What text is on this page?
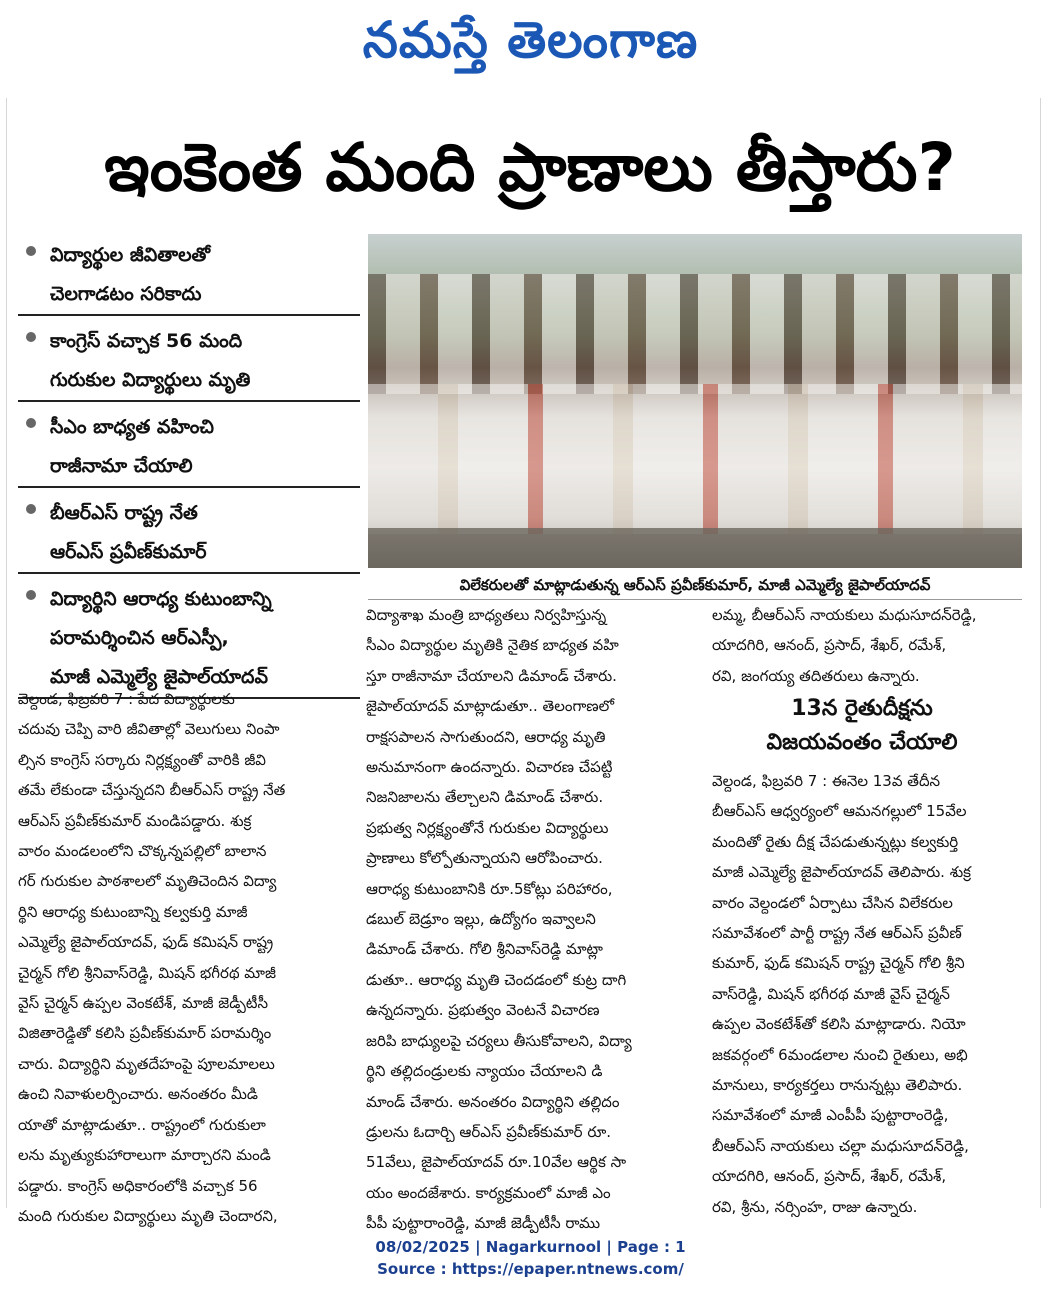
నమస్తే తెలంగాణ
ఇంకెంత మంది ప్రాణాలు తీస్తారు?
విద్యార్థుల జీవితాలతో
చెలగాడటం సరికాదు
కాంగ్రెస్ వచ్చాక 56 మంది
గురుకుల విద్యార్థులు మృతి
సీఎం బాధ్యత వహించి
రాజీనామా చేయాలి
బీఆర్ఎస్ రాష్ట్ర నేత
ఆర్ఎస్ ప్రవీణ్‌కుమార్
విద్యార్థిని ఆరాధ్య కుటుంబాన్ని
పరామర్శించిన ఆర్ఎస్పీ,
మాజీ ఎమ్మెల్యే జైపాల్‌యాదవ్
విలేకరులతో మాట్లాడుతున్న ఆర్ఎస్ ప్రవీణ్‌కుమార్, మాజీ ఎమ్మెల్యే జైపాల్‌యాదవ్

వెల్దండ, ఫిబ్రవరి 7 : పేద విద్యార్థులకు

చదువు చెప్పి వారి జీవితాల్లో వెలుగులు నింపా

ల్సిన కాంగ్రెస్ సర్కారు నిర్లక్ష్యంతో వారికి జీవి

తమే లేకుండా చేస్తున్నదని బీఆర్ఎస్ రాష్ట్ర నేత

ఆర్ఎస్ ప్రవీణ్‌కుమార్ మండిపడ్డారు. శుక్ర

వారం మండలంలోని చొక్కన్నపల్లిలో బాలాన

గర్ గురుకుల పాఠశాలలో మృతిచెందిన విద్యా

ర్థిని ఆరాధ్య కుటుంబాన్ని కల్వకుర్తి మాజీ

ఎమ్మెల్యే జైపాల్‌యాదవ్, ఫుడ్ కమిషన్ రాష్ట్ర

చైర్మన్ గోలి శ్రీనివాస్‌రెడ్డి, మిషన్ భగీరథ మాజీ

వైస్ చైర్మన్ ఉప్పల వెంకటేశ్, మాజీ జెడ్పీటీసీ

విజితారెడ్డితో కలిసి ప్రవీణ్‌కుమార్ పరామర్శిం

చారు. విద్యార్థిని మృతదేహంపై పూలమాలలు

ఉంచి నివాళులర్పించారు. అనంతరం మీడి

యాతో మాట్లాడుతూ.. రాష్ట్రంలో గురుకులా

లను మృత్యుకుహారాలుగా మార్చారని మండి

పడ్డారు. కాంగ్రెస్ అధికారంలోకి వచ్చాక 56

మంది గురుకుల విద్యార్థులు మృతి చెందారని,

విద్యాశాఖ మంత్రి బాధ్యతలు నిర్వహిస్తున్న

సీఎం విద్యార్థుల మృతికి నైతిక బాధ్యత వహి

స్తూ రాజీనామా చేయాలని డిమాండ్ చేశారు.

జైపాల్‌యాదవ్ మాట్లాడుతూ.. తెలంగాణలో

రాక్షసపాలన సాగుతుందని, ఆరాధ్య మృతి

అనుమానంగా ఉందన్నారు. విచారణ చేపట్టి

నిజనిజాలను తేల్చాలని డిమాండ్ చేశారు.

ప్రభుత్వ నిర్లక్ష్యంతోనే గురుకుల విద్యార్థులు

ప్రాణాలు కోల్పోతున్నాయని ఆరోపించారు.

ఆరాధ్య కుటుంబానికి రూ.5కోట్లు పరిహారం,

డబుల్ బెడ్రూం ఇల్లు, ఉద్యోగం ఇవ్వాలని

డిమాండ్ చేశారు. గోలి శ్రీనివాస్‌రెడ్డి మాట్లా

డుతూ.. ఆరాధ్య మృతి చెందడంలో కుట్ర దాగి

ఉన్నదన్నారు. ప్రభుత్వం వెంటనే విచారణ

జరిపి బాధ్యులపై చర్యలు తీసుకోవాలని, విద్యా

ర్థిని తల్లిదండ్రులకు న్యాయం చేయాలని డి

మాండ్ చేశారు. అనంతరం విద్యార్థిని తల్లిదం

డ్రులను ఓదార్చి ఆర్ఎస్ ప్రవీణ్‌కుమార్ రూ.

51వేలు, జైపాల్‌యాదవ్ రూ.10వేల ఆర్థిక సా

యం అందజేశారు. కార్యక్రమంలో మాజీ ఎం

పీపీ పుట్టారాంరెడ్డి, మాజీ జెడ్పీటీసీ రాము

లమ్మ, బీఆర్ఎస్ నాయకులు మధుసూదన్‌రెడ్డి,

యాదగిరి, ఆనంద్, ప్రసాద్, శేఖర్, రమేశ్,

రవి, జంగయ్య తదితరులు ఉన్నారు.

13న రైతుదీక్షను
విజయవంతం చేయాలి

వెల్దండ, ఫిబ్రవరి 7 : ఈనెల 13వ తేదీన

బీఆర్ఎస్ ఆధ్వర్యంలో ఆమనగల్లులో 15వేల

మందితో రైతు దీక్ష చేపడుతున్నట్లు కల్వకుర్తి

మాజీ ఎమ్మెల్యే జైపాల్‌యాదవ్ తెలిపారు. శుక్ర

వారం వెల్దండలో ఏర్పాటు చేసిన విలేకరుల

సమావేశంలో పార్టీ రాష్ట్ర నేత ఆర్ఎస్ ప్రవీణ్

కుమార్, ఫుడ్ కమిషన్ రాష్ట్ర చైర్మన్ గోలి శ్రీని

వాస్‌రెడ్డి, మిషన్ భగీరథ మాజీ వైస్ చైర్మన్

ఉప్పల వెంకటేశ్‌తో కలిసి మాట్లాడారు. నియో

జకవర్గంలో 6మండలాల నుంచి రైతులు, అభి

మానులు, కార్యకర్తలు రానున్నట్లు తెలిపారు.

సమావేశంలో మాజీ ఎంపీపీ పుట్టారాంరెడ్డి,

బీఆర్ఎస్ నాయకులు చల్లా మధుసూదన్‌రెడ్డి,

యాదగిరి, ఆనంద్, ప్రసాద్, శేఖర్, రమేశ్,

రవి, శ్రీను, నర్సింహ, రాజు ఉన్నారు.

08/02/2025 | Nagarkurnool | Page : 1
Source : https://epaper.ntnews.com/
